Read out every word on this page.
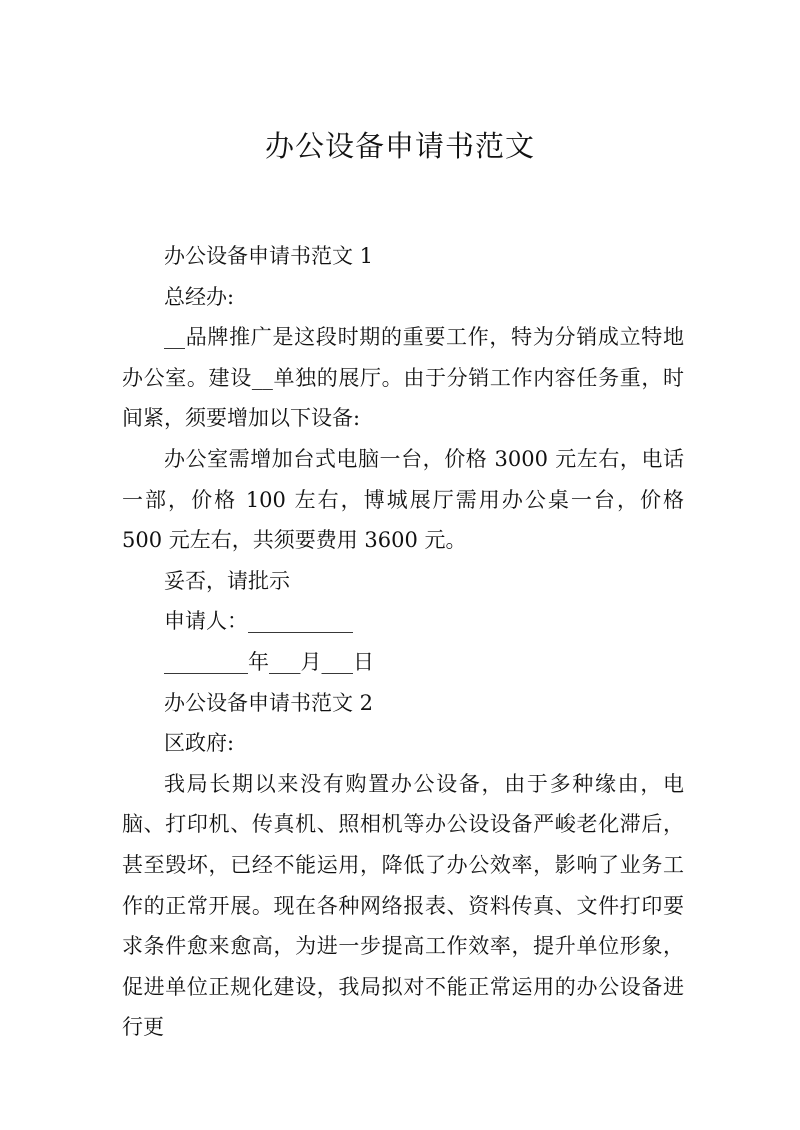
办公设备申请书范文

办公设备申请书范文 1

总经办:

__品牌推广是这段时期的重要工作，特为分销成立特地办公室。建设__单独的展厅。由于分销工作内容任务重，时间紧，须要增加以下设备:

办公室需增加台式电脑一台，价格 3000 元左右，电话一部，价格 100 左右，博城展厅需用办公桌一台，价格 500 元左右，共须要费用 3600 元。

妥否，请批示

申请人：__________

________年___月___日

办公设备申请书范文 2

区政府:

我局长期以来没有购置办公设备，由于多种缘由，电脑、打印机、传真机、照相机等办公设设备严峻老化滞后，甚至毁坏，已经不能运用，降低了办公效率，影响了业务工作的正常开展。现在各种网络报表、资料传真、文件打印要求条件愈来愈高，为进一步提高工作效率，提升单位形象，促进单位正规化建设，我局拟对不能正常运用的办公设备进行更
